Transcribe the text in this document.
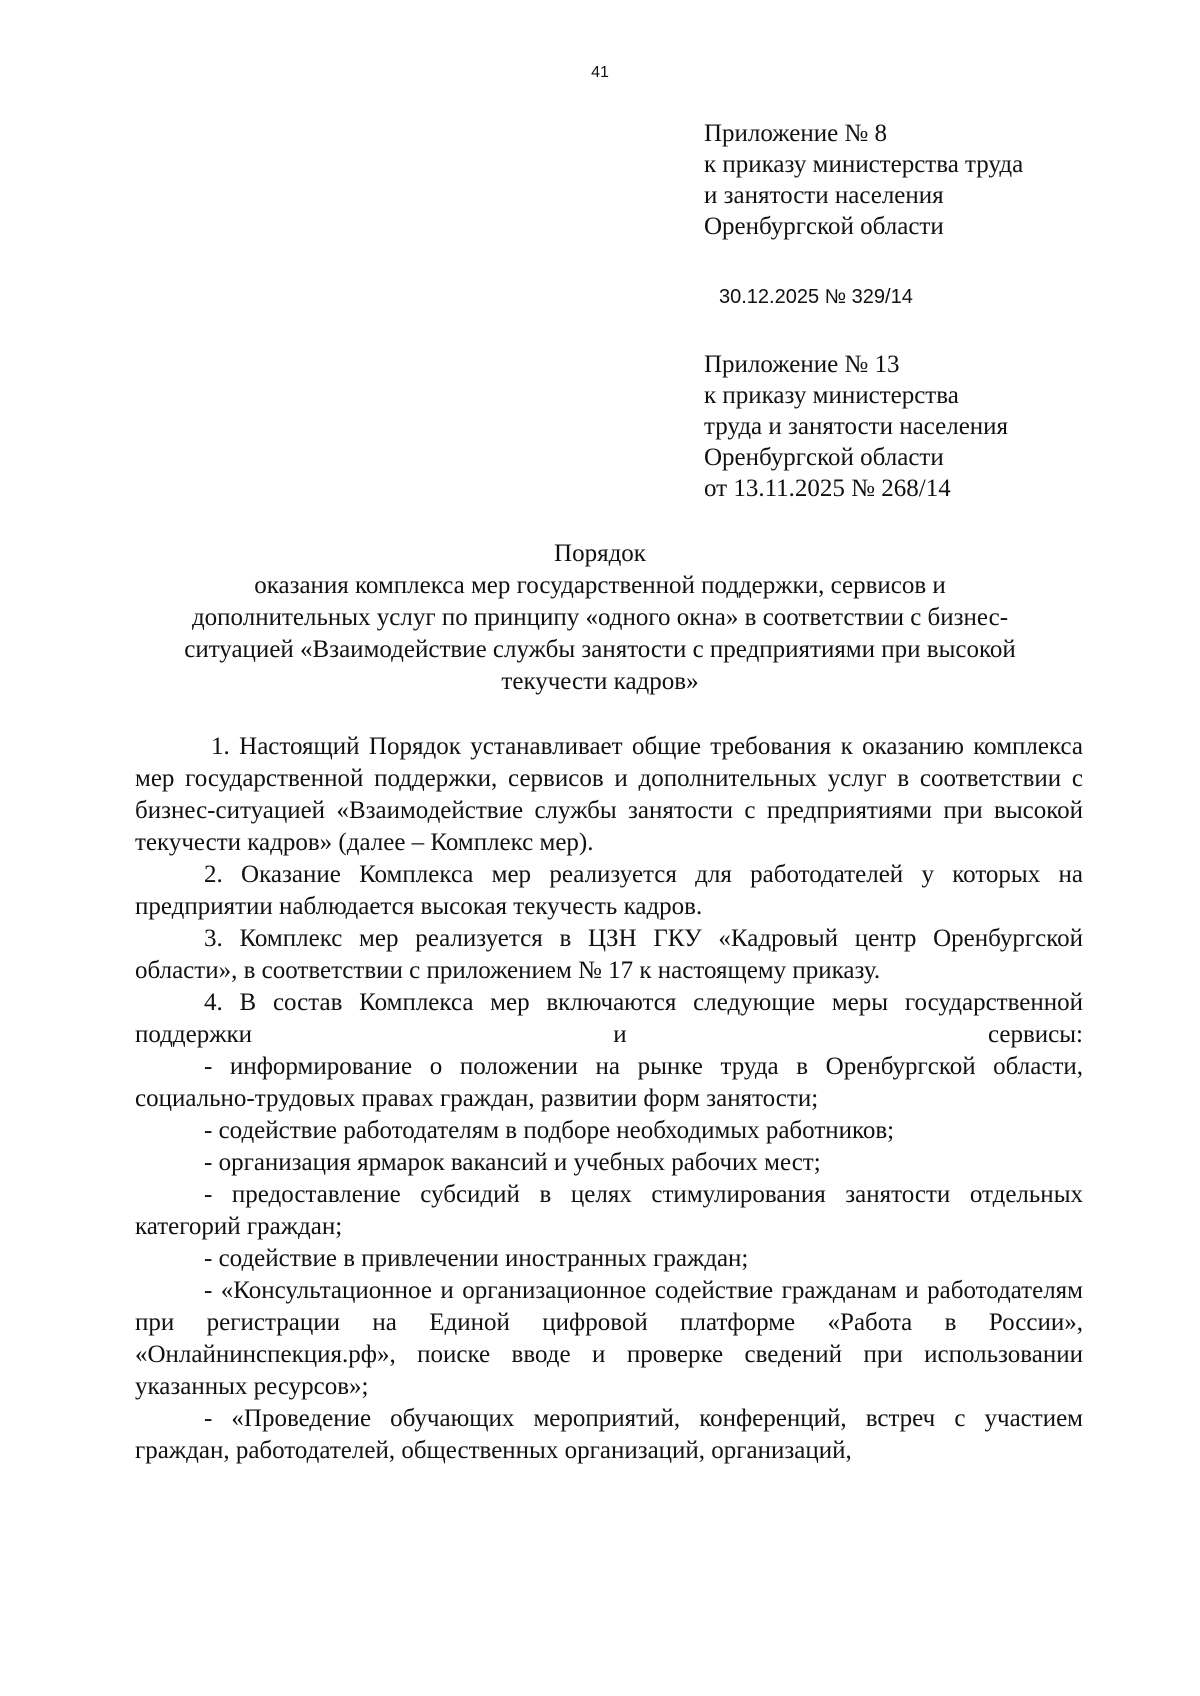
41
Приложение № 8
к приказу министерства труда
и занятости населения
Оренбургской области
30.12.2025 № 329/14
Приложение № 13
к приказу министерства
труда и занятости населения
Оренбургской области
от 13.11.2025 № 268/14
Порядок
оказания комплекса мер государственной поддержки, сервисов и
дополнительных услуг по принципу «одного окна» в соответствии с бизнес-
ситуацией «Взаимодействие службы занятости с предприятиями при высокой
текучести кадров»

1. Настоящий Порядок устанавливает общие требования к оказанию комплекса мер государственной поддержки, сервисов и дополнительных услуг в соответствии с бизнес-ситуацией «Взаимодействие службы занятости с предприятиями при высокой текучести кадров» (далее – Комплекс мер).

2. Оказание Комплекса мер реализуется для работодателей у которых на предприятии наблюдается высокая текучесть кадров.

3. Комплекс мер реализуется в ЦЗН ГКУ «Кадровый центр Оренбургской области», в соответствии с приложением № 17 к настоящему приказу.

4. В состав Комплекса мер включаются следующие меры государственной поддержки и сервисы:

- информирование о положении на рынке труда в Оренбургской области, социально-трудовых правах граждан, развитии форм занятости;

- содействие работодателям в подборе необходимых работников;

- организация ярмарок вакансий и учебных рабочих мест;

- предоставление субсидий в целях стимулирования занятости отдельных категорий граждан;

- содействие в привлечении иностранных граждан;

- «Консультационное и организационное содействие гражданам и работодателям при регистрации на Единой цифровой платформе «Работа в России», «Онлайнинспекция.рф», поиске вводе и проверке сведений при использовании указанных ресурсов»;

- «Проведение обучающих мероприятий, конференций, встреч с участием граждан, работодателей, общественных организаций, организаций,
